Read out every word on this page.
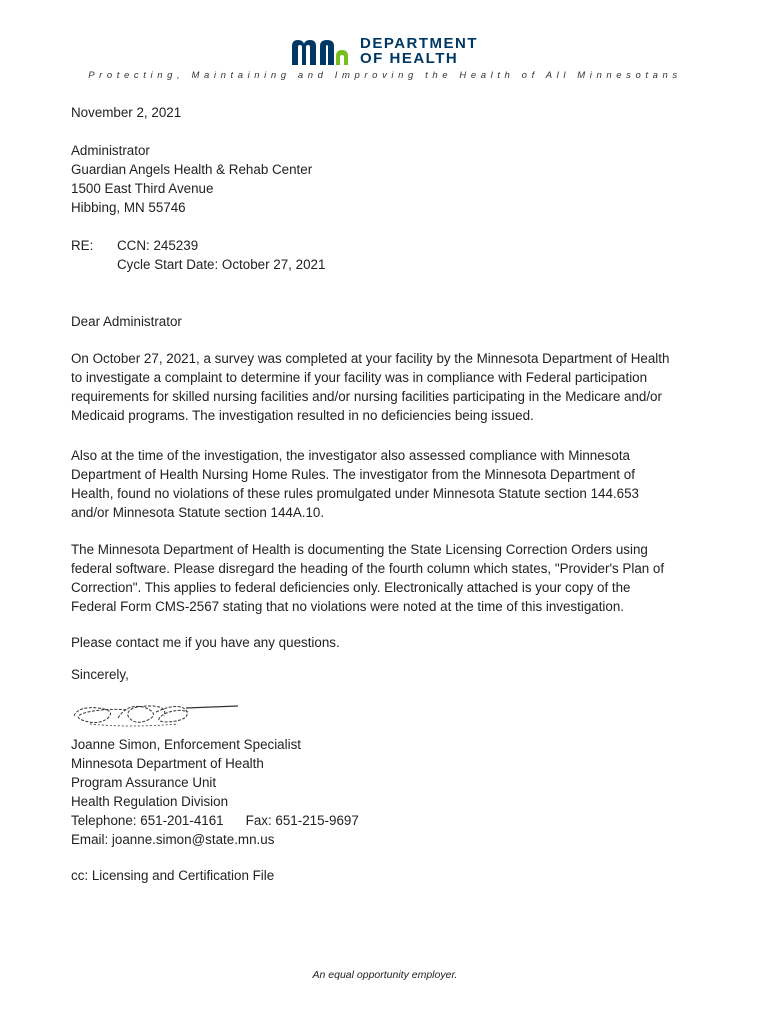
DEPARTMENT
OF HEALTH
Protecting, Maintaining and Improving the Health of All Minnesotans
November 2, 2021
Administrator
Guardian Angels Health & Rehab Center
1500 East Third Avenue
Hibbing, MN 55746
RE: CCN: 245239
Cycle Start Date: October 27, 2021
Dear Administrator
On October 27, 2021, a survey was completed at your facility by the Minnesota Department of Health
to investigate a complaint to determine if your facility was in compliance with Federal participation
requirements for skilled nursing facilities and/or nursing facilities participating in the Medicare and/or
Medicaid programs. The investigation resulted in no deficiencies being issued.
Also at the time of the investigation, the investigator also assessed compliance with Minnesota
Department of Health Nursing Home Rules. The investigator from the Minnesota Department of
Health, found no violations of these rules promulgated under Minnesota Statute section 144.653
and/or Minnesota Statute section 144A.10.
The Minnesota Department of Health is documenting the State Licensing Correction Orders using
federal software. Please disregard the heading of the fourth column which states, "Provider's Plan of
Correction". This applies to federal deficiencies only. Electronically attached is your copy of the
Federal Form CMS-2567 stating that no violations were noted at the time of this investigation.
Please contact me if you have any questions.
Sincerely,
Joanne Simon, Enforcement Specialist
Minnesota Department of Health
Program Assurance Unit
Health Regulation Division
Telephone: 651-201-4161 Fax: 651-215-9697
Email: joanne.simon@state.mn.us
cc: Licensing and Certification File
An equal opportunity employer.
